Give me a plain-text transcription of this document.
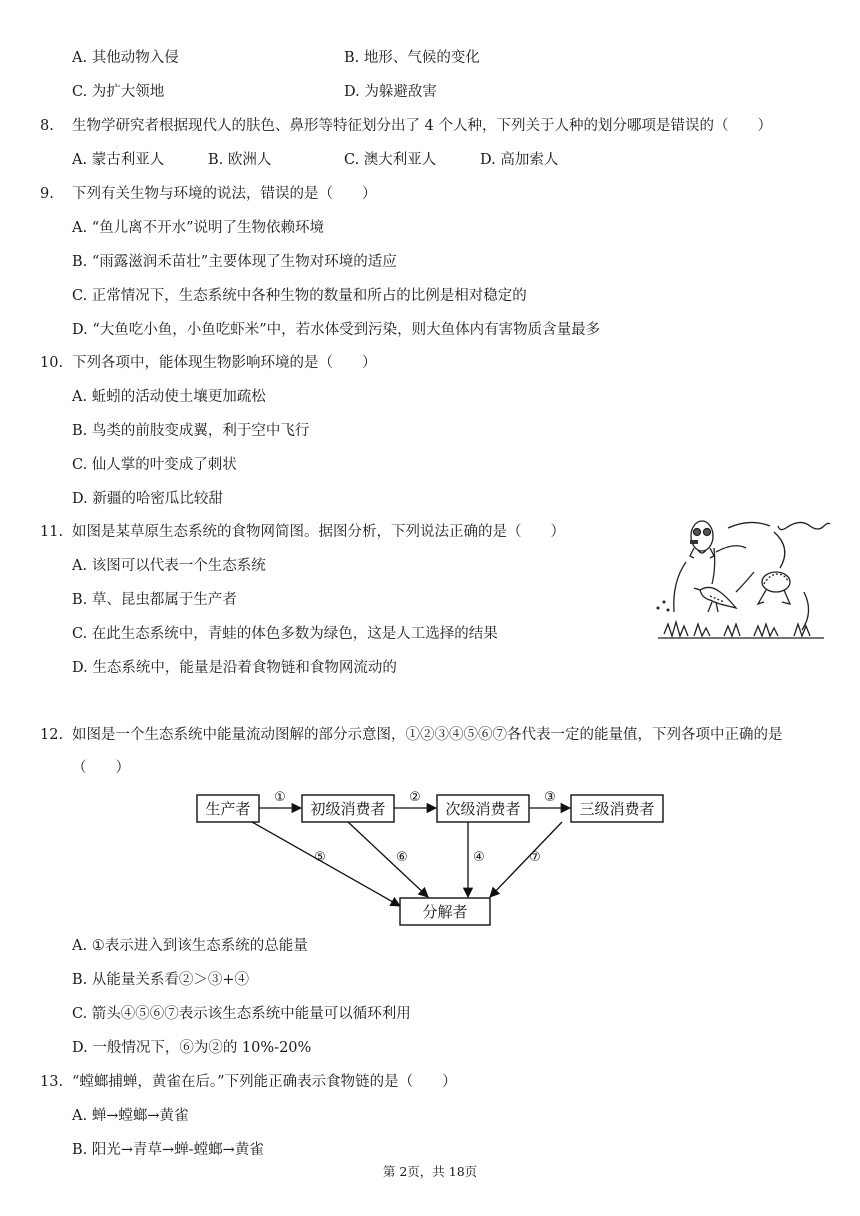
A. 其他动物入侵	B. 地形、气候的变化
C. 为扩大领地	D. 为躲避敌害
8. 生物学研究者根据现代人的肤色、鼻形等特征划分出了 4 个人种，下列关于人种的划分哪项是错误的（　　）
A. 蒙古利亚人	B. 欧洲人	C. 澳大利亚人	D. 高加索人
9. 下列有关生物与环境的说法，错误的是（　　）
A. “鱼儿离不开水”说明了生物依赖环境
B. “雨露滋润禾苗壮”主要体现了生物对环境的适应
C. 正常情况下，生态系统中各种生物的数量和所占的比例是相对稳定的
D. “大鱼吃小鱼，小鱼吃虾米”中，若水体受到污染，则大鱼体内有害物质含量最多
10. 下列各项中，能体现生物影响环境的是（　　）
A. 蚯蚓的活动使土壤更加疏松
B. 鸟类的前肢变成翼，利于空中飞行
C. 仙人掌的叶变成了刺状
D. 新疆的哈密瓜比较甜
11. 如图是某草原生态系统的食物网简图。据图分析，下列说法正确的是（　　）
A. 该图可以代表一个生态系统
B. 草、昆虫都属于生产者
C. 在此生态系统中，青蛙的体色多数为绿色，这是人工选择的结果
D. 生态系统中，能量是沿着食物链和食物网流动的
12. 如图是一个生态系统中能量流动图解的部分示意图，①②③④⑤⑥⑦各代表一定的能量值，下列各项中正确的是
（　　）
生产者	初级消费者	次级消费者	三级消费者
分解者
①	②	③
⑤	⑥	④	⑦
A. ①表示进入到该生态系统的总能量
B. 从能量关系看②＞③+④
C. 箭头④⑤⑥⑦表示该生态系统中能量可以循环利用
D. 一般情况下，⑥为②的 10%-20%
13. “螳螂捕蝉，黄雀在后。”下列能正确表示食物链的是（　　）
A. 蝉→螳螂→黄雀
B. 阳光→青草→蝉-螳螂→黄雀
第 2页，共 18页
